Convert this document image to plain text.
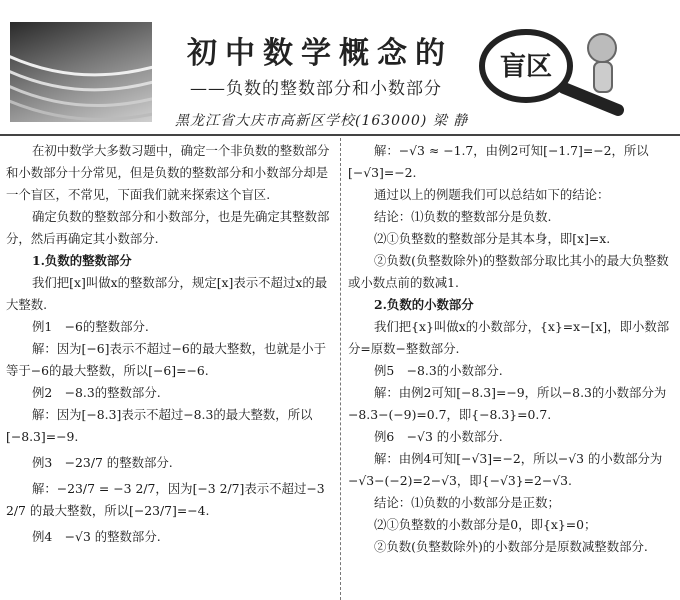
初中数学概念的
——负数的整数部分和小数部分
黑龙江省大庆市高新区学校(163000) 梁 静
盲区

在初中数学大多数习题中，确定一个非负数的整数部分和小数部分十分常见，但是负数的整数部分和小数部分却是一个盲区，不常见，下面我们就来探索这个盲区.

确定负数的整数部分和小数部分，也是先确定其整数部分，然后再确定其小数部分.

1.负数的整数部分

我们把[x]叫做x的整数部分，规定[x]表示不超过x的最大整数.

例1　−6的整数部分.

解：因为[−6]表示不超过−6的最大整数，也就是小于等于−6的最大整数，所以[−6]=−6.

例2　−8.3的整数部分.

解：因为[−8.3]表示不超过−8.3的最大整数，所以[−8.3]=−9.

例3　−23/7 的整数部分.

解：−23/7 = −3 2/7，因为[−3 2/7]表示不超过−3 2/7 的最大整数，所以[−23/7]=−4.

例4　−√3 的整数部分.

解：−√3 ≈ −1.7，由例2可知[−1.7]=−2，所以[−√3]=−2.

通过以上的例题我们可以总结如下的结论：

结论：⑴负数的整数部分是负数.

⑵①负整数的整数部分是其本身，即[x]=x.

②负数(负整数除外)的整数部分取比其小的最大负整数或小数点前的数减1.

2.负数的小数部分

我们把{x}叫做x的小数部分，{x}=x−[x]，即小数部分=原数−整数部分.

例5　−8.3的小数部分.

解：由例2可知[−8.3]=−9，所以−8.3的小数部分为−8.3−(−9)=0.7，即{−8.3}=0.7.

例6　−√3 的小数部分.

解：由例4可知[−√3]=−2，所以−√3 的小数部分为−√3−(−2)=2−√3，即{−√3}=2−√3.

结论：⑴负数的小数部分是正数；

⑵①负整数的小数部分是0，即{x}=0；

②负数(负整数除外)的小数部分是原数减整数部分.
